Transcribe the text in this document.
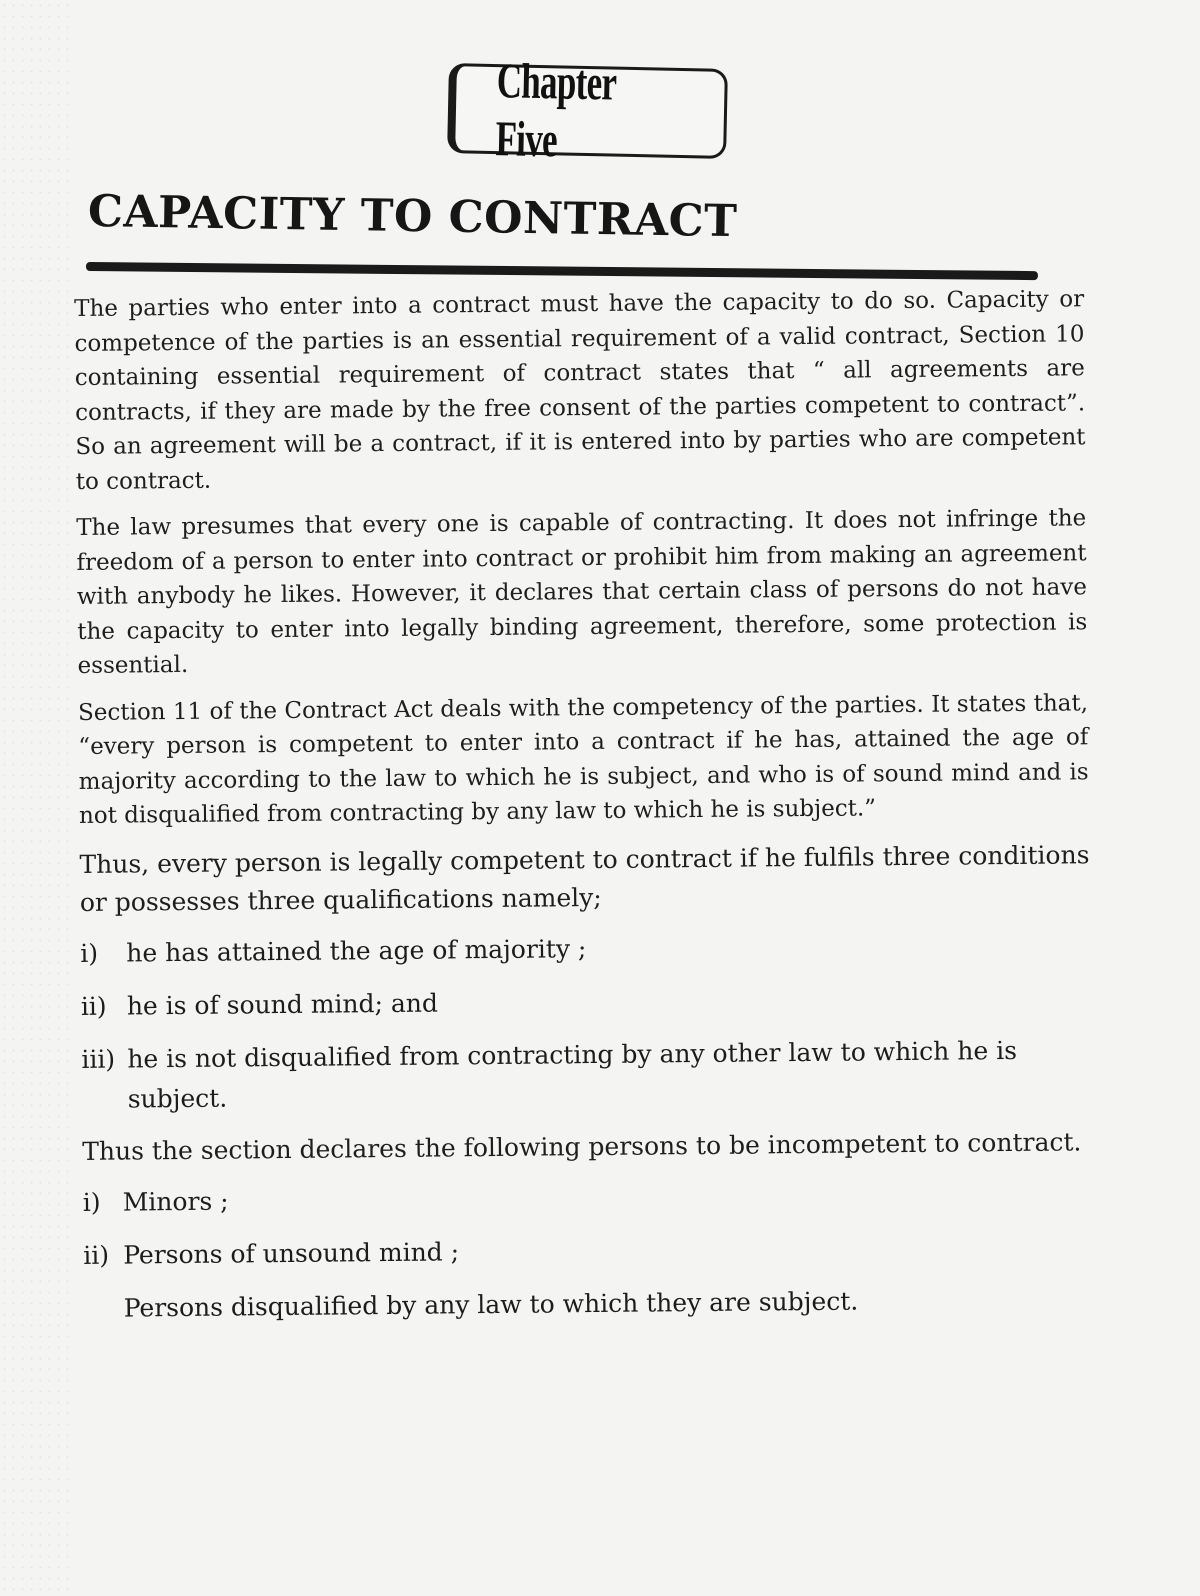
Chapter Five
CAPACITY TO CONTRACT

The parties who enter into a contract must have the capacity to do so. Capacity or competence of the parties is an essential requirement of a valid contract, Section 10 containing essential requirement of contract states that “ all agreements are contracts, if they are made by the free consent of the parties competent to contract”. So an agreement will be a contract, if it is entered into by parties who are competent to contract.

The law presumes that every one is capable of contracting. It does not infringe the freedom of a person to enter into contract or prohibit him from making an agreement with anybody he likes. However, it declares that certain class of persons do not have the capacity to enter into legally binding agreement, therefore, some protection is essential.

Section 11 of the Contract Act deals with the competency of the parties. It states that, “every person is competent to enter into a contract if he has, attained the age of majority according to the law to which he is subject, and who is of sound mind and is not disqualified from contracting by any law to which he is subject.”

Thus, every person is legally competent to contract if he fulfils three conditions or possesses three qualifications namely;

i)	he has attained the age of majority ;
ii) he is of sound mind; and
iii) he is not disqualified from contracting by any other law to which he is subject.

Thus the section declares the following persons to be incompetent to contract.

i) Minors ;
ii) Persons of unsound mind ;
Persons disqualified by any law to which they are subject.
